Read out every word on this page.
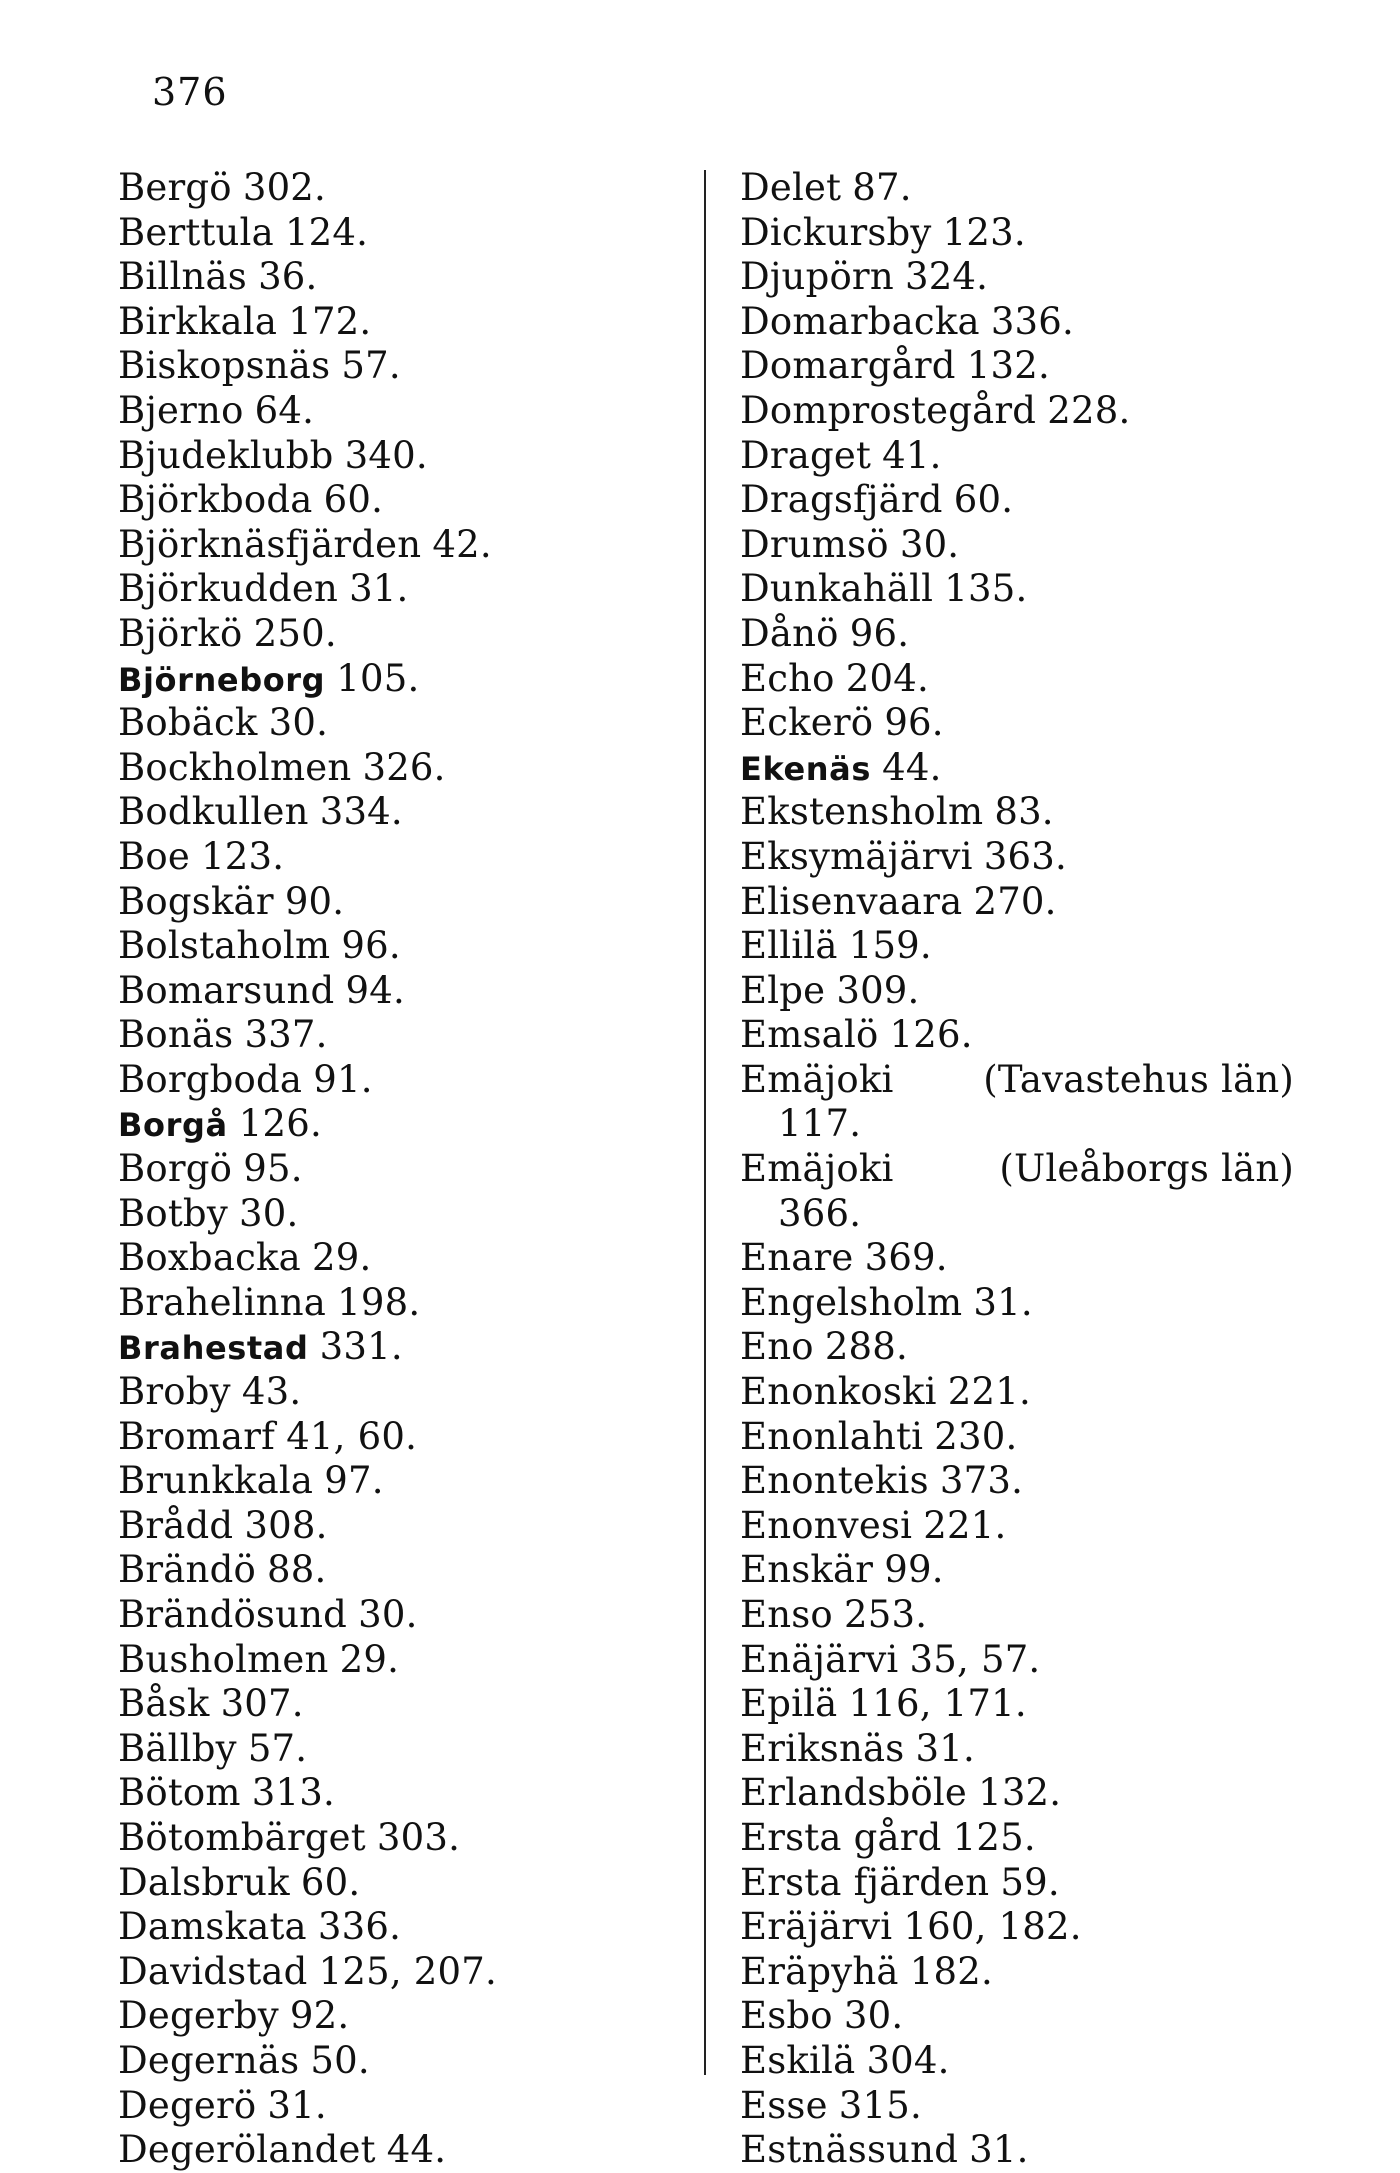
376
Bergö 302.
Berttula 124.
Billnäs 36.
Birkkala 172.
Biskopsnäs 57.
Bjerno 64.
Bjudeklubb 340.
Björkboda 60.
Björknäsfjärden 42.
Björkudden 31.
Björkö 250.
Björneborg 105.
Bobäck 30.
Bockholmen 326.
Bodkullen 334.
Boe 123.
Bogskär 90.
Bolstaholm 96.
Bomarsund 94.
Bonäs 337.
Borgboda 91.
Borgå 126.
Borgö 95.
Botby 30.
Boxbacka 29.
Brahelinna 198.
Brahestad 331.
Broby 43.
Bromarf 41, 60.
Brunkkala 97.
Brådd 308.
Brändö 88.
Brändösund 30.
Busholmen 29.
Båsk 307.
Bällby 57.
Bötom 313.
Bötombärget 303.
Dalsbruk 60.
Damskata 336.
Davidstad 125, 207.
Degerby 92.
Degernäs 50.
Degerö 31.
Degerölandet 44.
Delet 87.
Dickursby 123.
Djupörn 324.
Domarbacka 336.
Domargård 132.
Domprostegård 228.
Draget 41.
Dragsfjärd 60.
Drumsö 30.
Dunkahäll 135.
Dånö 96.
Echo 204.
Eckerö 96.
Ekenäs 44.
Ekstensholm 83.
Eksymäjärvi 363.
Elisenvaara 270.
Ellilä 159.
Elpe 309.
Emsalö 126.
Emäjoki (Tavastehus län)
117.
Emäjoki	(Uleåborgs län)
366.
Enare 369.
Engelsholm 31.
Eno 288.
Enonkoski 221.
Enonlahti 230.
Enontekis 373.
Enonvesi 221.
Enskär 99.
Enso 253.
Enäjärvi 35, 57.
Epilä 116, 171.
Eriksnäs 31.
Erlandsböle 132.
Ersta gård 125.
Ersta fjärden 59.
Eräjärvi 160, 182.
Eräpyhä 182.
Esbo 30.
Eskilä 304.
Esse 315.
Estnässund 31.
